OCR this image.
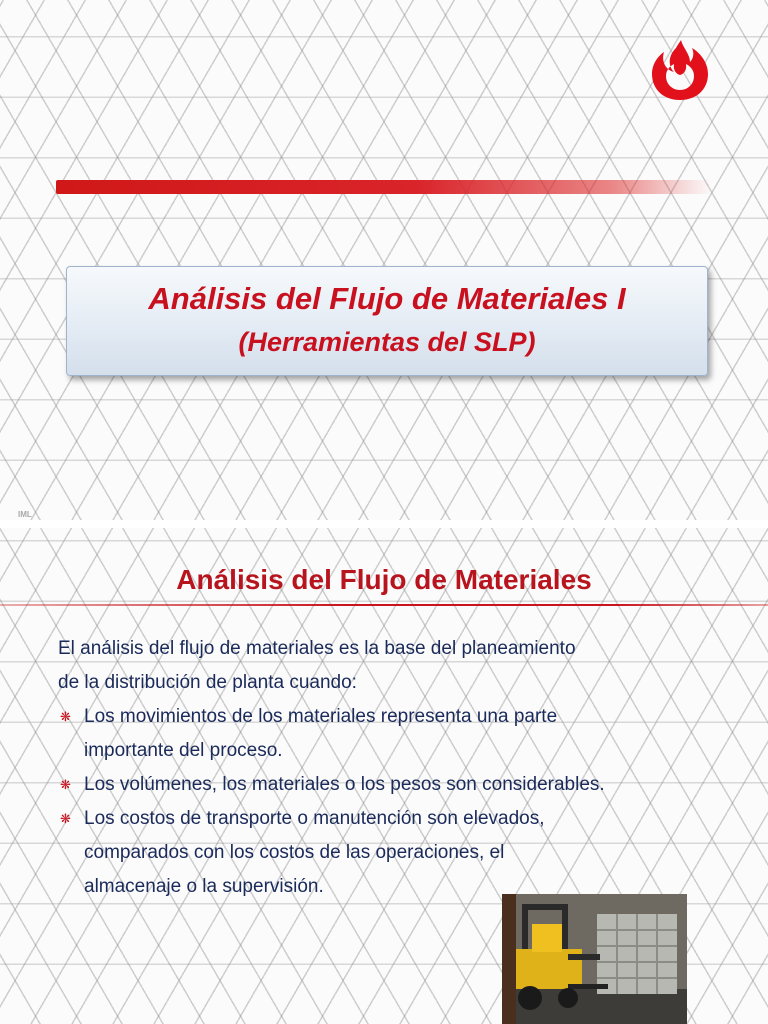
Análisis del Flujo de Materiales I
(Herramientas del SLP)
IML
Análisis del Flujo de Materiales
El análisis del flujo de materiales es la base del planeamiento
de la distribución de planta cuando:
❋ Los movimientos de los materiales representa una parte
importante del proceso.
❋ Los volúmenes, los materiales o los pesos son considerables.
❋ Los costos de transporte o manutención son elevados,
comparados con los costos de las operaciones, el
almacenaje o la supervisión.
